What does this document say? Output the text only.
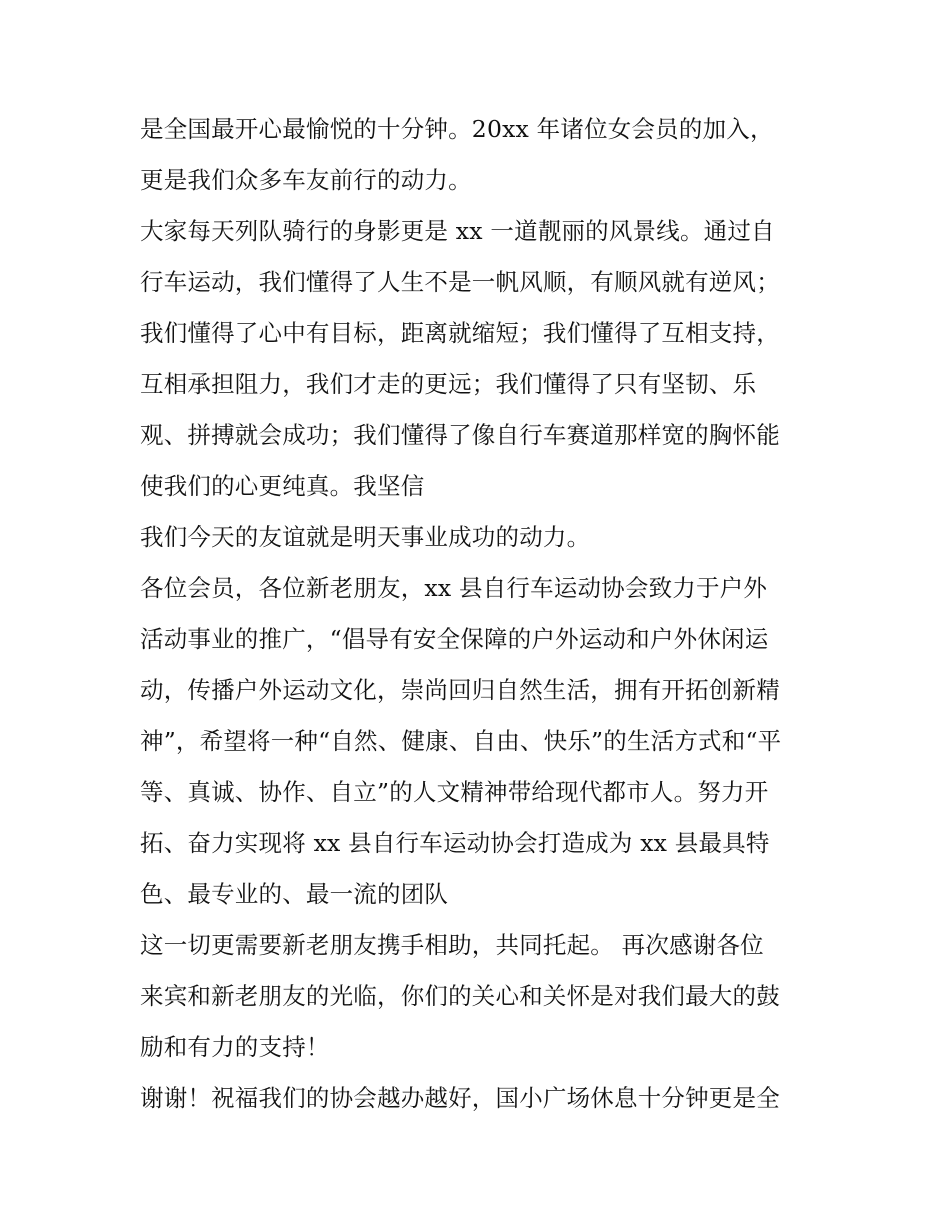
是全国最开心最愉悦的十分钟。20xx 年诸位女会员的加入，
更是我们众多车友前行的动力。
大家每天列队骑行的身影更是 xx 一道靓丽的风景线。通过自
行车运动，我们懂得了人生不是一帆风顺，有顺风就有逆风；
我们懂得了心中有目标，距离就缩短；我们懂得了互相支持，
互相承担阻力，我们才走的更远；我们懂得了只有坚韧、乐
观、拼搏就会成功；我们懂得了像自行车赛道那样宽的胸怀能
使我们的心更纯真。我坚信
我们今天的友谊就是明天事业成功的动力。
各位会员，各位新老朋友，xx 县自行车运动协会致力于户外
活动事业的推广，“倡导有安全保障的户外运动和户外休闲运
动，传播户外运动文化，崇尚回归自然生活，拥有开拓创新精
神”，希望将一种“自然、健康、自由、快乐”的生活方式和“平
等、真诚、协作、自立”的人文精神带给现代都市人。努力开
拓、奋力实现将 xx 县自行车运动协会打造成为 xx 县最具特
色、最专业的、最一流的团队
这一切更需要新老朋友携手相助，共同托起。 再次感谢各位
来宾和新老朋友的光临，你们的关心和关怀是对我们最大的鼓
励和有力的支持！
谢谢！祝福我们的协会越办越好，国小广场休息十分钟更是全
